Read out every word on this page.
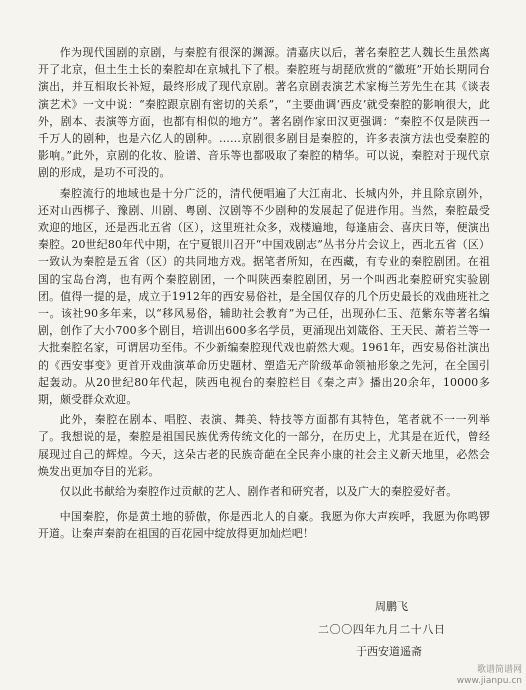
作为现代国剧的京剧，与秦腔有很深的渊源。清嘉庆以后，著名秦腔艺人魏长生虽然离开了北京，但土生土长的秦腔却在京城扎下了根。秦腔班与胡琵欣赏的“徽班”开始长期同台演出，并互相取长补短，最终形成了现代京剧。著名京剧表演艺术家梅兰芳先生在其《谈表演艺术》一文中说：“秦腔跟京剧有密切的关系”，“主要曲调‘西皮’就受秦腔的影响很大，此外，剧本、表演等方面，也都有相似的地方”。著名剧作家田汉更强调：“秦腔不仅是陕西一千万人的剧种，也是六亿人的剧种。……京剧很多剧目是秦腔的，许多表演方法也受秦腔的影响。”此外，京剧的化妆、脸谱、音乐等也都吸取了秦腔的精华。可以说，秦腔对于现代京剧的形成，是功不可没的。

秦腔流行的地域也是十分广泛的，清代便唱遍了大江南北、长城内外，并且除京剧外，还对山西梆子、豫剧、川剧、粤剧、汉剧等不少剧种的发展起了促进作用。当然，秦腔最受欢迎的地区，还是西北五省（区），这里班社众多，戏楼遍地，每逢庙会、喜庆日等，便演出秦腔。20世纪80年代中期，在宁夏银川召开“中国戏剧志”丛书分片会议上，西北五省（区）一致认为秦腔是五省（区）的共同地方戏。据笔者所知，在西藏，有专业的秦腔剧团。在祖国的宝岛台湾，也有两个秦腔剧团，一个叫陕西秦腔剧团，另一个叫西北秦腔研究实验剧团。值得一提的是，成立于1912年的西安易俗社，是全国仅存的几个历史最长的戏曲班社之一。该社90多年来，以“移风易俗，辅助社会教育”为己任，出现孙仁玉、范紫东等著名编剧，创作了大小700多个剧目，培训出600多名学员，更涌现出刘箴俗、王天民、萧若兰等一大批秦腔名家，可谓居功至伟。不少新编秦腔现代戏也蔚然大观。1961年，西安易俗社演出的《西安事变》更首开戏曲演革命历史题材、塑造无产阶级革命领袖形象之先河，在全国引起轰动。从20世纪80年代起，陕西电视台的秦腔栏目《秦之声》播出20余年，10000多期，颇受群众欢迎。

此外，秦腔在剧本、唱腔、表演、舞美、特技等方面都有其特色，笔者就不一一列举了。我想说的是，秦腔是祖国民族优秀传统文化的一部分，在历史上，尤其是在近代，曾经展现过自己的辉煌。今天，这朵古老的民族奇葩在全民奔小康的社会主义新天地里，必然会焕发出更加夺目的光彩。

仅以此书献给为秦腔作过贡献的艺人、剧作者和研究者，以及广大的秦腔爱好者。

中国秦腔，你是黄土地的骄傲，你是西北人的自豪。我愿为你大声疾呼，我愿为你鸣锣开道。让秦声秦韵在祖国的百花园中绽放得更加灿烂吧！

周鹏飞
二〇〇四年九月二十八日
于西安道遥斋
歌谱简谱网
www.jianpu.cn
